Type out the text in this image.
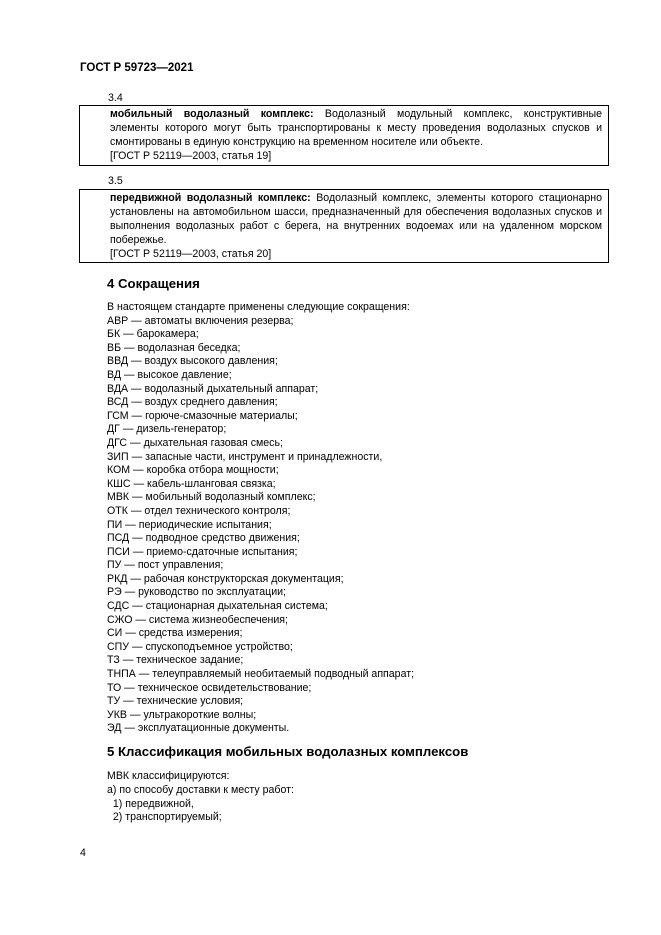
ГОСТ Р 59723—2021
3.4
мобильный водолазный комплекс: Водолазный модульный комплекс, конструктивные элементы которого могут быть транспортированы к месту проведения водолазных спусков и смонтированы в единую конструкцию на временном носителе или объекте.
[ГОСТ Р 52119—2003, статья 19]
3.5
передвижной водолазный комплекс: Водолазный комплекс, элементы которого стационарно установлены на автомобильном шасси, предназначенный для обеспечения водолазных спусков и выполнения водолазных работ с берега, на внутренних водоемах или на удаленном морском побережье.
[ГОСТ Р 52119—2003, статья 20]
4 Сокращения
В настоящем стандарте применены следующие сокращения:
АВР — автоматы включения резерва;
БК — барокамера;
ВБ — водолазная беседка;
ВВД — воздух высокого давления;
ВД — высокое давление;
ВДА — водолазный дыхательный аппарат;
ВСД — воздух среднего давления;
ГСМ — горюче-смазочные материалы;
ДГ — дизель-генератор;
ДГС — дыхательная газовая смесь;
ЗИП — запасные части, инструмент и принадлежности,
КОМ — коробка отбора мощности;
КШС — кабель-шланговая связка;
МВК — мобильный водолазный комплекс;
ОТК — отдел технического контроля;
ПИ — периодические испытания;
ПСД — подводное средство движения;
ПСИ — приемо-сдаточные испытания;
ПУ — пост управления;
РКД — рабочая конструкторская документация;
РЭ — руководство по эксплуатации;
СДС — стационарная дыхательная система;
СЖО — система жизнеобеспечения;
СИ — средства измерения;
СПУ — спускоподъемное устройство;
ТЗ — техническое задание;
ТНПА — телеуправляемый необитаемый подводный аппарат;
ТО — техническое освидетельствование;
ТУ — технические условия;
УКВ — ультракороткие волны;
ЭД — эксплуатационные документы.
5 Классификация мобильных водолазных комплексов
МВК классифицируются:
а) по способу доставки к месту работ:
1) передвижной,
2) транспортируемый;
4
